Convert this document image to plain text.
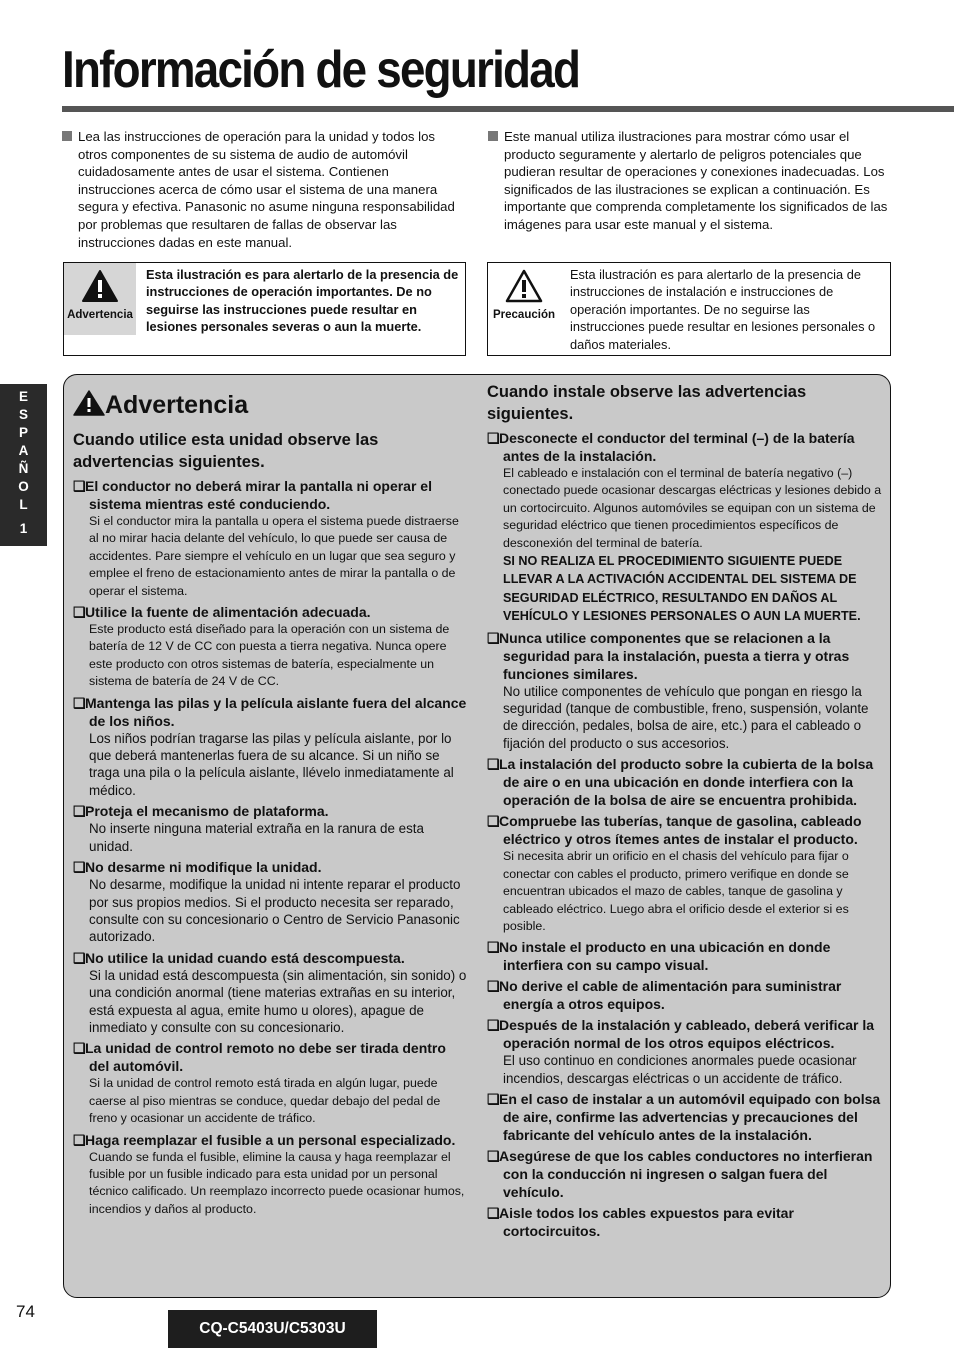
Información de seguridad

Lea las instrucciones de operación para la unidad y todos los otros componentes de su sistema de audio de automóvil cuidadosamente antes de usar el sistema. Contienen instrucciones acerca de cómo usar el sistema de una manera segura y efectiva. Panasonic no asume ninguna responsabilidad por problemas que resultaren de fallas de observar las instrucciones dadas en este manual.

Este manual utiliza ilustraciones para mostrar cómo usar el producto seguramente y alertarlo de peligros potenciales que pudieran resultar de operaciones y conexiones inadecuadas. Los significados de las ilustraciones se explican a continuación. Es importante que comprenda completamente los significados de las imágenes para usar este manual y el sistema.

Advertencia
Esta ilustración es para alertarlo de la presencia de instrucciones de operación importantes. De no seguirse las instrucciones puede resultar en lesiones personales severas o aun la muerte.
Precaución
Esta ilustración es para alertarlo de la presencia de instrucciones de instalación e instrucciones de operación importantes. De no seguirse las instrucciones puede resultar en lesiones personales o daños materiales.
E
S
P
A
Ñ
O
L
1
Advertencia
Cuando utilice esta unidad observe las advertencias siguientes.
❑El conductor no deberá mirar la pantalla ni operar el sistema mientras esté conduciendo.
Si el conductor mira la pantalla u opera el sistema puede distraerse al no mirar hacia delante del vehículo, lo que puede ser causa de accidentes. Pare siempre el vehículo en un lugar que sea seguro y emplee el freno de estacionamiento antes de mirar la pantalla o de operar el sistema.
❑Utilice la fuente de alimentación adecuada.
Este producto está diseñado para la operación con un sistema de batería de 12 V de CC con puesta a tierra negativa. Nunca opere este producto con otros sistemas de batería, especialmente un sistema de batería de 24 V de CC.
❑Mantenga las pilas y la película aislante fuera del alcance de los niños.
Los niños podrían tragarse las pilas y película aislante, por lo que deberá mantenerlas fuera de su alcance. Si un niño se traga una pila o la película aislante, llévelo inmediatamente al médico.
❑Proteja el mecanismo de plataforma.
No inserte ninguna material extraña en la ranura de esta unidad.
❑No desarme ni modifique la unidad.
No desarme, modifique la unidad ni intente reparar el producto por sus propios medios. Si el producto necesita ser reparado, consulte con su concesionario o Centro de Servicio Panasonic autorizado.
❑No utilice la unidad cuando está descompuesta.
Si la unidad está descompuesta (sin alimentación, sin sonido) o una condición anormal (tiene materias extrañas en su interior, está expuesta al agua, emite humo u olores), apague de inmediato y consulte con su concesionario.
❑La unidad de control remoto no debe ser tirada dentro del automóvil.
Si la unidad de control remoto está tirada en algún lugar, puede caerse al piso mientras se conduce, quedar debajo del pedal de freno y ocasionar un accidente de tráfico.
❑Haga reemplazar el fusible a un personal especializado.
Cuando se funda el fusible, elimine la causa y haga reemplazar el fusible por un fusible indicado para esta unidad por un personal técnico calificado. Un reemplazo incorrecto puede ocasionar humos, incendios y daños al producto.
Cuando instale observe las advertencias siguientes.
❑Desconecte el conductor del terminal (–) de la batería antes de la instalación.
El cableado e instalación con el terminal de batería negativo (–) conectado puede ocasionar descargas eléctricas y lesiones debido a un cortocircuito. Algunos automóviles se equipan con un sistema de seguridad eléctrico que tienen procedimientos específicos de desconexión del terminal de batería.
SI NO REALIZA EL PROCEDIMIENTO SIGUIENTE PUEDE LLEVAR A LA ACTIVACIÓN ACCIDENTAL DEL SISTEMA DE SEGURIDAD ELÉCTRICO, RESULTANDO EN DAÑOS AL VEHÍCULO Y LESIONES PERSONALES O AUN LA MUERTE.
❑Nunca utilice componentes que se relacionen a la seguridad para la instalación, puesta a tierra y otras funciones similares.
No utilice componentes de vehículo que pongan en riesgo la seguridad (tanque de combustible, freno, suspensión, volante de dirección, pedales, bolsa de aire, etc.) para el cableado o fijación del producto o sus accesorios.
❑La instalación del producto sobre la cubierta de la bolsa de aire o en una ubicación en donde interfiera con la operación de la bolsa de aire se encuentra prohibida.
❑Compruebe las tuberías, tanque de gasolina, cableado eléctrico y otros ítemes antes de instalar el producto.
Si necesita abrir un orificio en el chasis del vehículo para fijar o conectar con cables el producto, primero verifique en donde se encuentran ubicados el mazo de cables, tanque de gasolina y cableado eléctrico. Luego abra el orificio desde el exterior si es posible.
❑No instale el producto en una ubicación en donde interfiera con su campo visual.
❑No derive el cable de alimentación para suministrar energía a otros equipos.
❑Después de la instalación y cableado, deberá verificar la operación normal de los otros equipos eléctricos.
El uso continuo en condiciones anormales puede ocasionar incendios, descargas eléctricas o un accidente de tráfico.
❑En el caso de instalar a un automóvil equipado con bolsa de aire, confirme las advertencias y precauciones del fabricante del vehículo antes de la instalación.
❑Asegúrese de que los cables conductores no interfieran con la conducción ni ingresen o salgan fuera del vehículo.
❑Aisle todos los cables expuestos para evitar cortocircuitos.
74
CQ-C5403U/C5303U
